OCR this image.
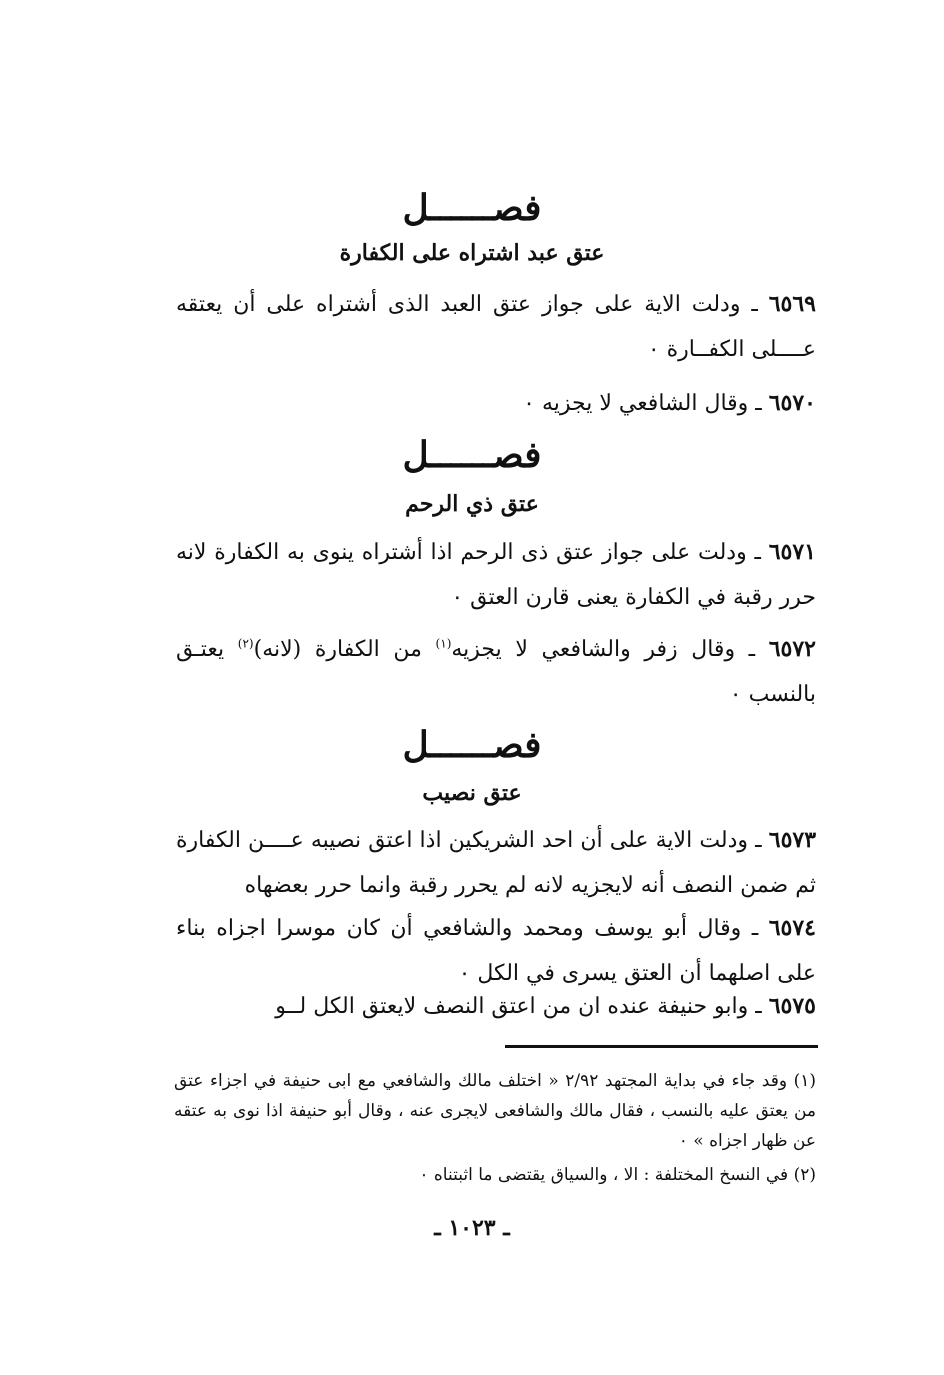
فصــــــل
عتق عبد اشتراه على الكفارة
٦٥٦٩ ـ ودلت الاية على جواز عتق العبد الذى أشتراه على أن يعتقه عــــلى الكفــارة ٠
٦٥٧٠ ـ وقال الشافعي لا يجزيه ٠
فصــــــل
عتق ذي الرحم
٦٥٧١ ـ ودلت على جواز عتق ذى الرحم اذا أشتراه ينوى به الكفارة لانه حرر رقبة في الكفارة يعنى قارن العتق ٠
٦٥٧٢ ـ وقال زفر والشافعي لا يجزيه$^{(١)}$ من الكفارة (لانه)$^{(٢)}$ يعتـق بالنسب ٠
فصــــــل
عتق نصيب
٦٥٧٣ ـ ودلت الاية على أن احد الشريكين اذا اعتق نصيبه عــــن الكفارة ثم ضمن النصف أنه لايجزيه لانه لم يحرر رقبة وانما حرر بعضهاه
٦٥٧٤ ـ وقال أبو يوسف ومحمد والشافعي أن كان موسرا اجزاه بناء على اصلهما أن العتق يسرى في الكل ٠
٦٥٧٥ ـ وابو حنيفة عنده ان من اعتق النصف لايعتق الكل لــو
(١) وقد جاء في بداية المجتهد ٢/٩٢ « اختلف مالك والشافعي مع ابى حنيفة في اجزاء عتق من يعتق عليه بالنسب ، فقال مالك والشافعى لايجرى عنه ، وقال أبو حنيفة اذا نوى به عتقه عن ظهار اجزاه » ٠
(٢) في النسخ المختلفة : الا ، والسياق يقتضى ما اثبتناه ٠
ـ ١٠٢٣ ـ
